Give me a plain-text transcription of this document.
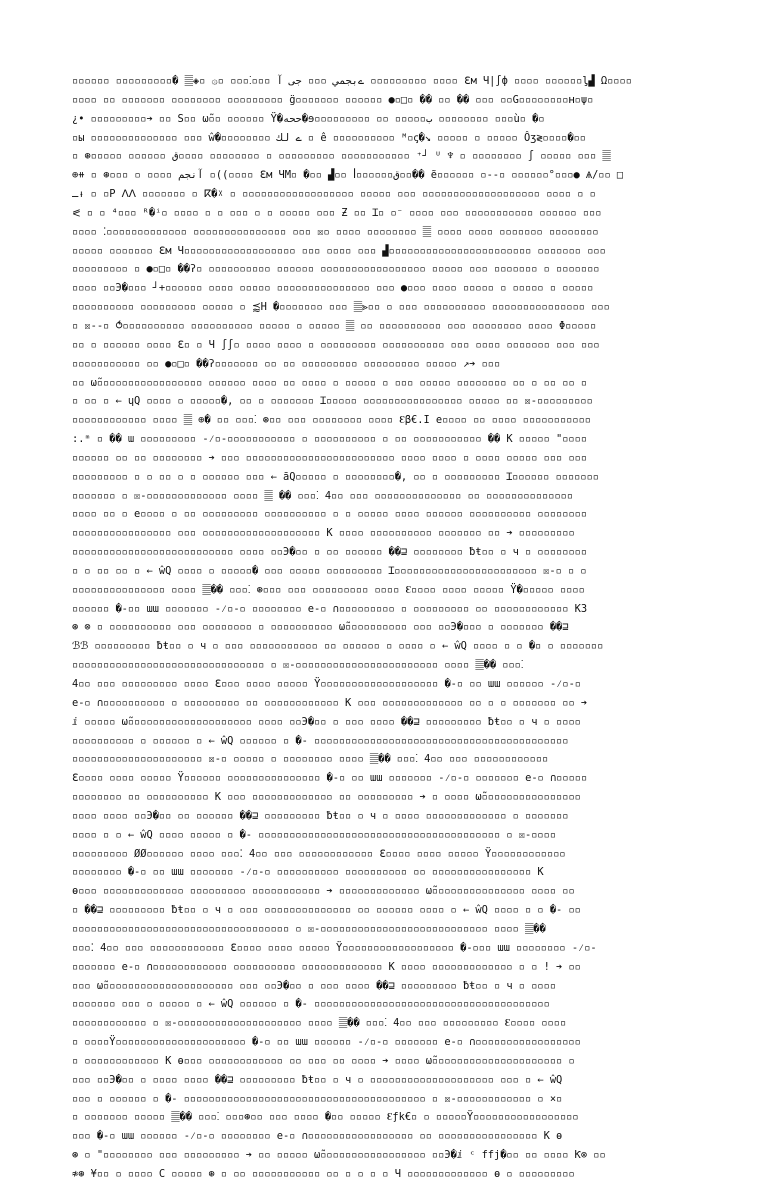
▫▫▫▫▫▫ ▫▫▫▫▫▫▫▫▫� 𝄛◈▫ ۞▫ ▫▫▫⁚▫▫▫ ےبجمي ▫▫▫ جى آ ▫▫▫▫▫▫▫▫▫ ▫▫▫▫ ℇм Ч|∫ф ▫▫▫▫ ▫▫▫▫▫▫ᶅ▟ Ω▫▫▫▫
▫▫▫▫ ▫▫ ▫▫▫▫▫▫▫ ▫▫▫▫▫▫▫▫ ▫▫▫▫▫▫▫▫▫ g̈▫▫▫▫▫▫▫ ▫▫▫▫▫▫ ●▫□▫ �� ▫▫ �� ▫▫▫ ▫▫G▫▫▫▫▫▫▫▫ʜ▫ψ▫
¿• ▫▫▫▫▫▫▫▫▫➔ ▫▫ S▫▫ ω̃▫▫ ▫▫▫▫▫▫ Ÿ�ححه�ɘ▫▫▫▫▫▫▫▫▫ ▫▫ ▫▫▫▫▫ب ▫▫▫▫▫▫▫▫ ▫▫▫ù▫ �▫
▫ы ▫▫▫▫▫▫▫▫▫▫▫▫▫▫ ▫▫▫ ŵ�▫▫▫▫▫▫▫▫ ے لك ▫ ê ▫▫▫▫▫▫▫▫▫▫ ᴹ▫ꞔ�↘ ▫▫▫▫▫ ▫ ▫▫▫▫▫ Ôʒ≷▫▫▫▫�▫▫
▫ ⊛▫▫▫▫▫ ▫▫▫▫▫▫ ق▫▫▫▫ ▫▫▫▫▫▫▫▫ ▫ ▫▫▫▫▫▫▫▫▫ ▫▫▫▫▫▫▫▫▫▫▫ ⁺┘ ᵁ ♆ ▫ ▫▫▫▫▫▫▫▫ ∫ ▫▫▫▫▫ ▫▫▫ 𝄛
⊕⧺ ▫ ⊛▫▫▫ ▫ ▫▫▫▫ آنجم ▫((▫▫▫▫ ℇм ЧМ▫ �▫▫ ▟▫▫ ꟾ▫▫▫▫▫▫ق▫▫�� ẽ▫▫▫▫▫▫ ▫--▫ ▫▫▫▫▫▫°▫▫▫● Ѧ/▫▫ □
ـᵼ ▫ ▫P ⴷⴷ ▫▫▫▫▫▫▫ ▫ ⴽ�ᵡ ▫ ▫▫▫▫▫▫▫▫▫▫▫▫▫▫▫▫▫▫ ▫▫▫▫▫ ▫▫▫ ▫▫▫▫▫▫▫▫▫▫▫▫▫▫▫▫▫▫▫ ▫▫▫▫ ▫ ▫
⪕ ▫ ▫ ⁴▫▫▫ ᴿ�ⁱ▫ ▫▫▫▫ ▫ ▫ ▫▫▫ ▫ ▫ ▫▫▫▫▫ ▫▫▫ Ƶ ▫▫ Ɪ▫ ▫⁻ ▫▫▫▫ ▫▫▫ ▫▫▫▫▫▫▫▫▫▫▫ ▫▫▫▫▫▫ ▫▫▫
▫▫▫▫ ⁚▫▫▫▫▫▫▫▫▫▫▫▫▫ ▫▫▫▫▫▫▫▫▫▫▫▫▫▫▫ ▫▫▫ ☒▫ ▫▫▫▫ ▫▫▫▫▫▫▫▫ 𝄛 ▫▫▫▫ ▫▫▫▫ ▫▫▫▫▫▫▫ ▫▫▫▫▫▫▫▫
▫▫▫▫▫ ▫▫▫▫▫▫▫ ℇм Ч▫▫▫▫▫▫▫▫▫▫▫▫▫▫▫▫▫▫ ▫▫▫ ▫▫▫▫ ▫▫▫ ▟▫▫▫▫▫▫▫▫▫▫▫▫▫▫▫▫▫▫▫▫▫▫▫ ▫▫▫▫▫▫▫ ▫▫▫
▫▫▫▫▫▫▫▫▫ ▫ ●▫□▫ ��ʔ▫ ▫▫▫▫▫▫▫▫▫▫ ▫▫▫▫▫▫ ▫▫▫▫▫▫▫▫▫▫▫▫▫▫▫▫▫ ▫▫▫▫▫ ▫▫▫ ▫▫▫▫▫▫▫ ▫ ▫▫▫▫▫▫▫
▫▫▫▫ ▫▫Э�▫▫▫ ┘+▫▫▫▫▫▫ ▫▫▫▫ ▫▫▫▫▫ ▫▫▫▫▫▫▫▫▫▫▫▫▫▫▫ ▫▫▫ ●▫▫▫ ▫▫▫▫ ▫▫▫▫▫ ▫ ▫▫▫▫▫ ▫ ▫▫▫▫▫
▫▫▫▫▫▫▫▫▫▫ ▫▫▫▫▫▫▫▫▫ ▫▫▫▫▫ ▫ ⪷H �▫▫▫▫▫▫▫ ▫▫▫ 𝄛⪢▫▫ ▫ ▫▫▫ ▫▫▫▫▫▫▫▫▫▫ ▫▫▫▫▫▫▫▫▫▫▫▫▫▫▫ ▫▫▫
▫ ☒--▫ ⥀▫▫▫▫▫▫▫▫▫▫ ▫▫▫▫▫▫▫▫▫▫ ▫▫▫▫▫ ▫ ▫▫▫▫▫ 𝄛 ▫▫ ▫▫▫▫▫▫▫▫▫▫ ▫▫▫ ▫▫▫▫▫▫▫▫ ▫▫▫▫ Φ▫▫▫▫▫
▫▫ ▫ ▫▫▫▫▫▫ ▫▫▫▫ ℇ▫ ▫ Ч ∫∫▫ ▫▫▫▫ ▫▫▫▫ ▫ ▫▫▫▫▫▫▫▫▫ ▫▫▫▫▫▫▫▫▫▫ ▫▫▫ ▫▫▫▫ ▫▫▫▫▫▫▫ ▫▫▫ ▫▫▫
▫▫▫▫▫▫▫▫▫▫▫ ▫▫ ●▫□▫ ��ʔ▫▫▫▫▫▫▫ ▫▫ ▫▫ ▫▫▫▫▫▫▫▫▫ ▫▫▫▫▫▫▫▫▫ ▫▫▫▫▫ ↗➔ ▫▫▫
▫▫ ω̃▫▫▫▫▫▫▫▫▫▫▫▫▫▫▫▫▫ ▫▫▫▫▫▫ ▫▫▫▫ ▫▫ ▫▫▫▫ ▫ ▫▫▫▫▫ ▫ ▫▫▫ ▫▫▫▫▫ ▫▫▫▫▫▫▫▫ ▫▫ ▫ ▫▫ ▫▫ ▫
▫ ▫▫ ▫ ← ɥQ ▫▫▫▫ ▫ ▫▫▫▫▫�, ▫▫ ▫ ▫▫▫▫▫▫▫ Ɪ▫▫▫▫▫ ▫▫▫▫▫▫▫▫▫▫▫▫▫▫▫▫ ▫▫▫▫▫ ▫▫ ☒-▫▫▫▫▫▫▫▫▫
▫▫▫▫▫▫▫▫▫▫▫▫ ▫▫▫▫ 𝄛 ⊕� ▫▫ ▫▫▫⁚ ⊛▫▫ ▫▫▫ ▫▫▫▫▫▫▫▫ ▫▫▫▫ ℇβ€.I e▫▫▫▫ ▫▫ ▫▫▫▫ ▫▫▫▫▫▫▫▫▫▫▫
:.ᵐ ▫ �� ɯ ▫▫▫▫▫▫▫▫▫ -⁄▫-▫▫▫▫▫▫▫▫▫▫▫ ▫ ▫▫▫▫▫▫▫▫▫▫ ▫ ▫▫ ▫▫▫▫▫▫▫▫▫▫▫ �� K ▫▫▫▫▫ "▫▫▫▫
▫▫▫▫▫▫ ▫▫ ▫▫ ▫▫▫▫▫▫▫▫ ➔ ▫▫▫ ▫▫▫▫▫▫▫▫▫▫▫▫▫▫▫▫▫▫▫▫▫▫▫▫ ▫▫▫▫ ▫▫▫▫ ▫ ▫▫▫▫ ▫▫▫▫▫ ▫▫▫ ▫▫▫
▫▫▫▫▫▫▫▫▫ ▫ ▫ ▫▫ ▫ ▫ ▫▫▫▫▫▫ ▫▫▫ ← āQ▫▫▫▫▫ ▫ ▫▫▫▫▫▫▫▫�, ▫▫ ▫ ▫▫▫▫▫▫▫▫▫ Ɪ▫▫▫▫▫▫ ▫▫▫▫▫▫▫
▫▫▫▫▫▫▫ ▫ ☒-▫▫▫▫▫▫▫▫▫▫▫▫▫ ▫▫▫▫ 𝄛 �� ▫▫▫⁚ 4▫▫ ▫▫▫ ▫▫▫▫▫▫▫▫▫▫▫▫▫▫ ▫▫ ▫▫▫▫▫▫▫▫▫▫▫▫▫▫
▫▫▫▫ ▫▫ ▫ e▫▫▫▫ ▫ ▫▫ ▫▫▫▫▫▫▫▫▫ ▫▫▫▫▫▫▫▫▫▫ ▫ ▫ ▫▫▫▫▫ ▫▫▫▫ ▫▫▫▫▫▫ ▫▫▫▫▫▫▫▫▫▫ ▫▫▫▫▫▫▫▫
▫▫▫▫▫▫▫▫▫▫▫▫▫▫▫▫ ▫▫▫ ▫▫▫▫▫▫▫▫▫▫▫▫▫▫▫▫▫▫▫ K ▫▫▫▫ ▫▫▫▫▫▫▫▫▫▫ ▫▫▫▫▫▫▫ ▫▫ ➔ ▫▫▫▫▫▫▫▫▫
▫▫▫▫▫▫▫▫▫▫▫▫▫▫▫▫▫▫▫▫▫▫▫▫▫▫ ▫▫▫▫ ▫▫Э�▫▫ ▫ ▫▫ ▫▫▫▫▫▫ ��⊒ ▫▫▫▫▫▫▫▫ ƀŧ▫▫ ▫ ч ▫ ▫▫▫▫▫▫▫▫
▫ ▫ ▫▫ ▫▫ ▫ ← ŵQ ▫▫▫▫ ▫ ▫▫▫▫▫� ▫▫▫ ▫▫▫▫▫ ▫▫▫▫▫▫▫▫▫ Ɪ▫▫▫▫▫▫▫▫▫▫▫▫▫▫▫▫▫▫▫▫▫▫▫ ☒-▫ ▫ ▫
▫▫▫▫▫▫▫▫▫▫▫▫▫▫▫ ▫▫▫▫ 𝄛�� ▫▫▫⁚ ⊛▫▫▫ ▫▫▫ ▫▫▫▫▫▫▫▫▫ ▫▫▫▫ ℇ▫▫▫▫ ▫▫▫▫ ▫▫▫▫▫ Ÿ�▫▫▫▫▫ ▫▫▫▫
▫▫▫▫▫▫ �-▫▫ ɯɯ ▫▫▫▫▫▫▫ -⁄▫-▫ ▫▫▫▫▫▫▫▫ e-▫ ∩▫▫▫▫▫▫▫▫▫ ▫ ▫▫▫▫▫▫▫▫▫ ▫▫ ▫▫▫▫▫▫▫▫▫▫▫▫ K3
⊛ ⊗ ▫ ▫▫▫▫▫▫▫▫▫▫ ▫▫▫ ▫▫▫▫▫▫▫▫ ▫ ▫▫▫▫▫▫▫▫▫▫ ω̃▫▫▫▫▫▫▫▫▫▫ ▫▫▫ ▫▫Э�▫▫▫ ▫ ▫▫▫▫▫▫▫ ��⊒
ℬℬ ▫▫▫▫▫▫▫▫▫ ƀŧ▫▫ ▫ ч ▫ ▫▫▫ ▫▫▫▫▫▫▫▫▫▫▫ ▫▫ ▫▫▫▫▫▫ ▫ ▫▫▫▫ ▫ ← ŵQ ▫▫▫▫ ▫ ▫ �▫ ▫ ▫▫▫▫▫▫▫
▫▫▫▫▫▫▫▫▫▫▫▫▫▫▫▫▫▫▫▫▫▫▫▫▫▫▫▫▫▫▫ ▫ ☒-▫▫▫▫▫▫▫▫▫▫▫▫▫▫▫▫▫▫▫▫▫▫▫ ▫▫▫▫ 𝄛�� ▫▫▫⁚
4▫▫ ▫▫▫ ▫▫▫▫▫▫▫▫▫ ▫▫▫▫ ℇ▫▫▫ ▫▫▫▫ ▫▫▫▫▫ Ÿ▫▫▫▫▫▫▫▫▫▫▫▫▫▫▫▫▫▫▫ �-▫ ▫▫ ɯɯ ▫▫▫▫▫▫ -⁄▫-▫
e-▫ ∩▫▫▫▫▫▫▫▫▫▫ ▫ ▫▫▫▫▫▫▫▫▫ ▫▫ ▫▫▫▫▫▫▫▫▫▫▫▫ K ▫▫▫ ▫▫▫▫▫▫▫▫▫▫▫▫▫ ▫▫ ▫ ▫ ▫▫▫▫▫▫▫ ▫▫ ➔
ⅈ ▫▫▫▫▫ ω̃▫▫▫▫▫▫▫▫▫▫▫▫▫▫▫▫▫▫▫▫ ▫▫▫▫ ▫▫Э�▫▫ ▫ ▫▫▫ ▫▫▫▫ ��⊒ ▫▫▫▫▫▫▫▫▫ ƀŧ▫▫ ▫ ч ▫ ▫▫▫▫
▫▫▫▫▫▫▫▫▫▫ ▫ ▫▫▫▫▫▫ ▫ ← ŵQ ▫▫▫▫▫▫ ▫ �- ▫▫▫▫▫▫▫▫▫▫▫▫▫▫▫▫▫▫▫▫▫▫▫▫▫▫▫▫▫▫▫▫▫▫▫▫▫▫▫▫▫
▫▫▫▫▫▫▫▫▫▫▫▫▫▫▫▫▫▫▫▫▫ ☒-▫ ▫▫▫▫▫ ▫ ▫▫▫▫▫▫▫▫ ▫▫▫▫ 𝄛�� ▫▫▫⁚ 4▫▫ ▫▫▫ ▫▫▫▫▫▫▫▫▫▫▫▫
ℇ▫▫▫▫ ▫▫▫▫ ▫▫▫▫▫ Ÿ▫▫▫▫▫▫ ▫▫▫▫▫▫▫▫▫▫▫▫▫▫▫ �-▫ ▫▫ ɯɯ ▫▫▫▫▫▫▫ -⁄▫-▫ ▫▫▫▫▫▫▫ e-▫ ∩▫▫▫▫▫
▫▫▫▫▫▫▫▫ ▫▫ ▫▫▫▫▫▫▫▫▫▫ K ▫▫▫ ▫▫▫▫▫▫▫▫▫▫▫▫▫ ▫▫ ▫▫▫▫▫▫▫▫▫ ➔ ▫ ▫▫▫▫ ω̃▫▫▫▫▫▫▫▫▫▫▫▫▫▫▫▫
▫▫▫▫ ▫▫▫▫ ▫▫Э�▫▫ ▫▫ ▫▫▫▫▫▫ ��⊒ ▫▫▫▫▫▫▫▫▫ ƀŧ▫▫ ▫ ч ▫ ▫▫▫▫ ▫▫▫▫▫▫▫▫▫▫▫▫▫ ▫ ▫▫▫▫▫▫▫
▫▫▫▫ ▫ ▫ ← ŵQ ▫▫▫▫ ▫▫▫▫▫ ▫ �- ▫▫▫▫▫▫▫▫▫▫▫▫▫▫▫▫▫▫▫▫▫▫▫▫▫▫▫▫▫▫▫▫▫▫▫▫▫▫▫ ▫ ☒-▫▫▫▫
▫▫▫▫▫▫▫▫▫ ØØ▫▫▫▫▫▫ ▫▫▫▫ ▫▫▫⁚ 4▫▫ ▫▫▫ ▫▫▫▫▫▫▫▫▫▫▫▫ ℇ▫▫▫▫ ▫▫▫▫ ▫▫▫▫▫ Ÿ▫▫▫▫▫▫▫▫▫▫▫▫
▫▫▫▫▫▫▫▫ �-▫ ▫▫ ɯɯ ▫▫▫▫▫▫▫ -⁄▫-▫ ▫▫▫▫▫▫▫▫▫▫ ▫▫▫▫▫▫▫▫▫▫ ▫▫ ▫▫▫▫▫▫▫▫▫▫▫▫▫▫▫▫ K
ɵ▫▫▫ ▫▫▫▫▫▫▫▫▫▫▫▫▫ ▫▫▫▫▫▫▫▫▫ ▫▫▫▫▫▫▫▫▫▫▫ ➔ ▫▫▫▫▫▫▫▫▫▫▫▫▫ ω̃▫▫▫▫▫▫▫▫▫▫▫▫▫▫▫ ▫▫▫▫ ▫▫
▫ ��⊒ ▫▫▫▫▫▫▫▫▫ ƀŧ▫▫ ▫ ч ▫ ▫▫▫ ▫▫▫▫▫▫▫▫▫▫▫▫▫▫ ▫▫ ▫▫▫▫▫▫ ▫▫▫▫ ▫ ← ŵQ ▫▫▫▫ ▫ ▫ �- ▫▫
▫▫▫▫▫▫▫▫▫▫▫▫▫▫▫▫▫▫▫▫▫▫▫▫▫▫▫▫▫▫▫▫▫▫▫ ▫ ☒-▫▫▫▫▫▫▫▫▫▫▫▫▫▫▫▫▫▫▫▫▫▫▫▫▫▫▫ ▫▫▫▫ 𝄛��
▫▫▫⁚ 4▫▫ ▫▫▫ ▫▫▫▫▫▫▫▫▫▫▫▫ ℇ▫▫▫▫ ▫▫▫▫ ▫▫▫▫▫ Ÿ▫▫▫▫▫▫▫▫▫▫▫▫▫▫▫▫▫▫ �-▫▫▫ ɯɯ ▫▫▫▫▫▫▫▫ -⁄▫-
▫▫▫▫▫▫▫ e-▫ ∩▫▫▫▫▫▫▫▫▫▫▫▫ ▫▫▫▫▫▫▫▫▫▫ ▫▫▫▫▫▫▫▫▫▫▫▫▫ K ▫▫▫▫ ▫▫▫▫▫▫▫▫▫▫▫▫▫ ▫ ▫ ! ➔ ▫▫
▫▫▫ ω̃▫▫▫▫▫▫▫▫▫▫▫▫▫▫▫▫▫▫▫▫▫ ▫▫▫ ▫▫Э�▫▫ ▫ ▫▫▫ ▫▫▫▫ ��⊒ ▫▫▫▫▫▫▫▫▫ ƀŧ▫▫ ▫ ч ▫ ▫▫▫▫
▫▫▫▫▫▫▫ ▫▫▫ ▫ ▫▫▫▫▫ ▫ ← ŵQ ▫▫▫▫▫▫ ▫ �- ▫▫▫▫▫▫▫▫▫▫▫▫▫▫▫▫▫▫▫▫▫▫▫▫▫▫▫▫▫▫▫▫▫▫▫▫▫▫
▫▫▫▫▫▫▫▫▫▫▫▫ ▫ ☒-▫▫▫▫▫▫▫▫▫▫▫▫▫▫▫▫▫▫▫▫ ▫▫▫▫ 𝄛�� ▫▫▫⁚ 4▫▫ ▫▫▫ ▫▫▫▫▫▫▫▫▫ ℇ▫▫▫▫ ▫▫▫▫
▫ ▫▫▫▫Ÿ▫▫▫▫▫▫▫▫▫▫▫▫▫▫▫▫▫▫▫▫▫ �-▫ ▫▫ ɯɯ ▫▫▫▫▫▫ -⁄▫-▫ ▫▫▫▫▫▫▫ e-▫ ∩▫▫▫▫▫▫▫▫▫▫▫▫▫▫▫▫▫
▫ ▫▫▫▫▫▫▫▫▫▫▫▫ K ɵ▫▫▫ ▫▫▫▫▫▫▫▫▫▫▫▫ ▫▫ ▫▫▫ ▫▫ ▫▫▫▫ ➔ ▫▫▫▫ ω̃▫▫▫▫▫▫▫▫▫▫▫▫▫▫▫▫▫▫▫▫▫ ▫
▫▫▫ ▫▫Э�▫▫ ▫ ▫▫▫▫ ▫▫▫▫ ��⊒ ▫▫▫▫▫▫▫▫▫ ƀŧ▫▫ ▫ ч ▫ ▫▫▫▫▫▫▫▫▫▫▫▫▫▫▫▫▫▫▫▫ ▫▫▫ ▫ ← ŵQ
▫▫▫ ▫ ▫▫▫▫▫▫ ▫ �- ▫▫▫▫▫▫▫▫▫▫▫▫▫▫▫▫▫▫▫▫▫▫▫▫▫▫▫▫▫▫▫▫▫▫▫▫▫▫▫ ▫ ☒-▫▫▫▫▫▫▫▫▫▫▫▫ ▫ ×▫
▫ ▫▫▫▫▫▫▫ ▫▫▫▫▫ 𝄛�� ▫▫▫⁚ ▫▫▫⊛▫▫ ▫▫▫ ▫▫▫▫ �▫▫ ▫▫▫▫▫ ℇƒk€▫ ▫ ▫▫▫▫▫Ÿ▫▫▫▫▫▫▫▫▫▫▫▫▫▫▫▫▫
▫▫▫ �-▫ ɯɯ ▫▫▫▫▫▫ -⁄▫-▫ ▫▫▫▫▫▫▫▫ e-▫ ∩▫▫▫▫▫▫▫▫▫▫▫▫▫▫▫▫▫ ▫▫ ▫▫▫▫▫▫▫▫▫▫▫▫▫▫▫▫ K ɵ
⊛ ▫ "▫▫▫▫▫▫▫▫ ▫▫▫ ▫▫▫▫▫▫▫▫▫ ➔ ▫▫ ▫▫▫▫▫ ω̃▫▫▫▫▫▫▫▫▫▫▫▫▫▫▫▫▫ ▫▫Э�ⅈ ᶜ ffj�▫▫ ▫▫ ▫▫▫▫ Ƙ⊗ ▫▫
≉⊛ ¥▫▫ ▫ ▫▫▫▫ C ▫▫▫▫▫ ⊛ ▫ ▫▫ ▫▫▫▫▫▫▫▫▫▫▫ ▫▫ ▫ ▫ ▫ ▫ Ч ▫▫▫▫▫▫▫▫▫▫▫▫▫ ɵ ▫ ▫▫▫▫▫▫▫▫▫
